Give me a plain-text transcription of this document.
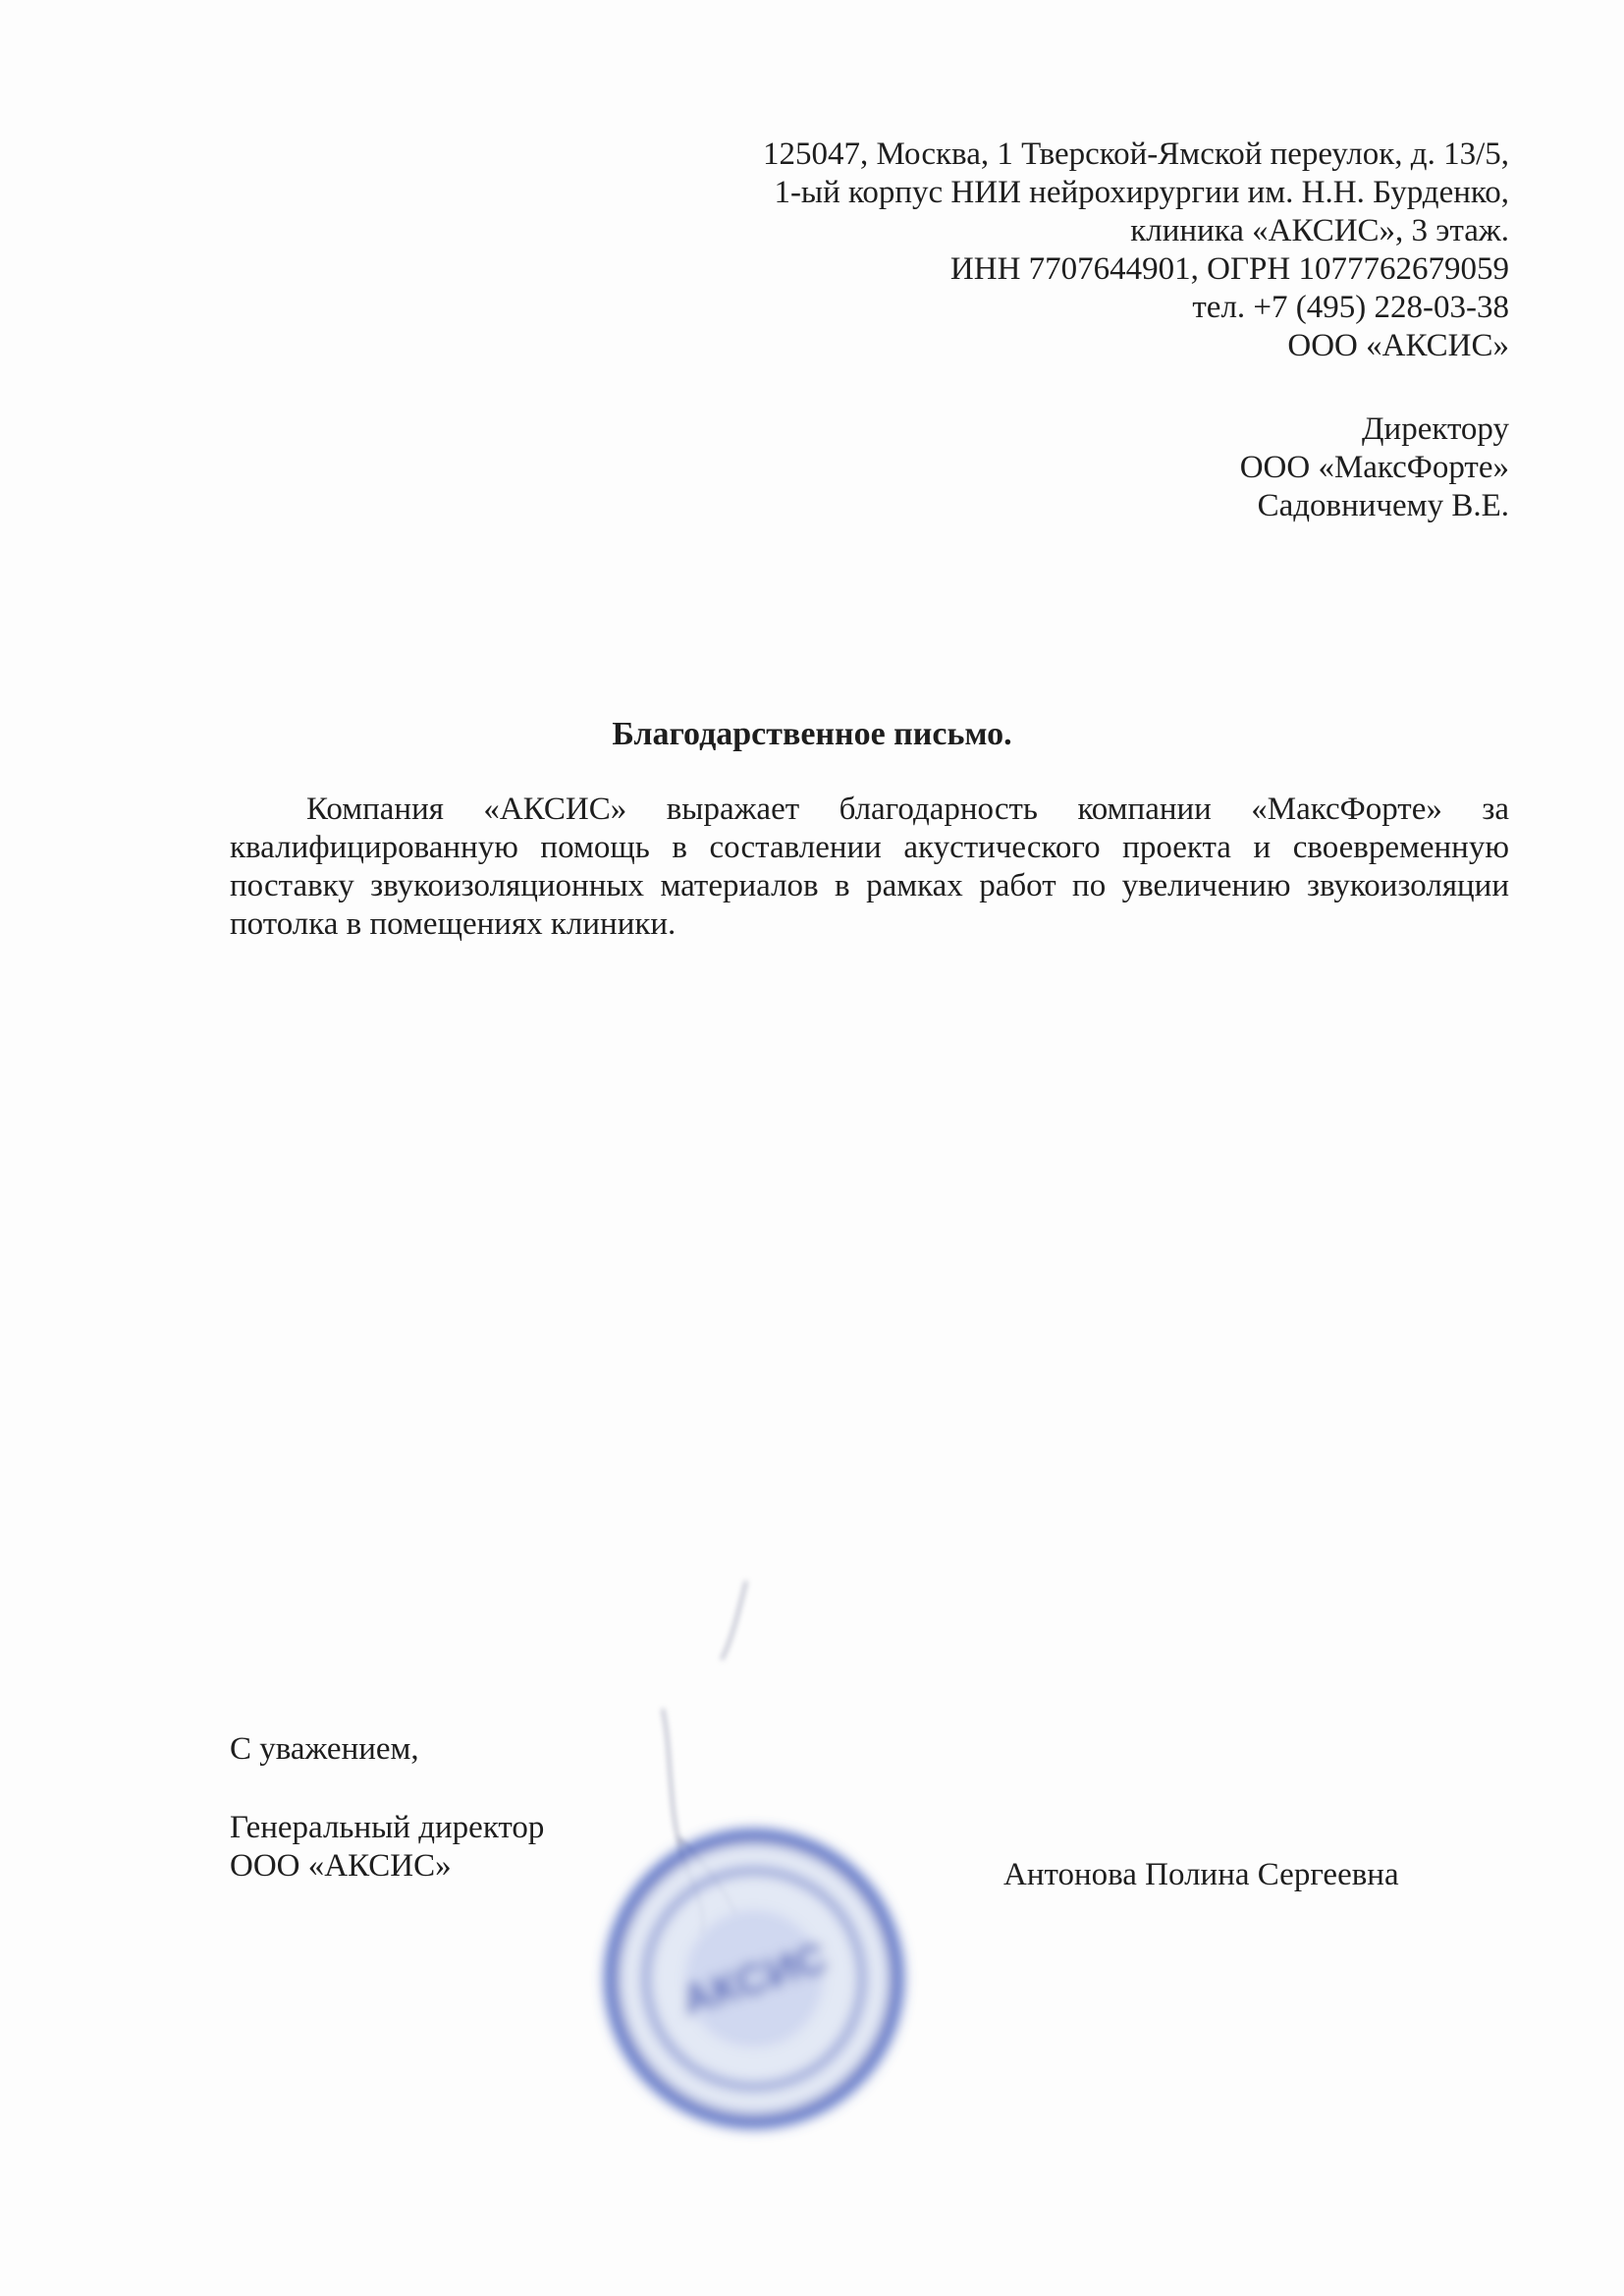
125047, Москва, 1 Тверской-Ямской переулок, д. 13/5,
1-ый корпус НИИ нейрохирургии им. Н.Н. Бурденко,
клиника «АКСИС», 3 этаж.
ИНН 7707644901, ОГРН 1077762679059
тел. +7 (495) 228-03-38
ООО «АКСИС»
Директору
ООО «МаксФорте»
Садовничему В.Е.
Благодарственное письмо.

Компания «АКСИС» выражает благодарность компании «МаксФорте» за квалифицированную помощь в составлении акустического проекта и своевременную поставку звукоизоляционных материалов в рамках работ по увеличению звукоизоляции потолка в помещениях клиники.

С уважением,
Генеральный директор
ООО «АКСИС»	Антонова Полина Сергеевна
АКСИС
